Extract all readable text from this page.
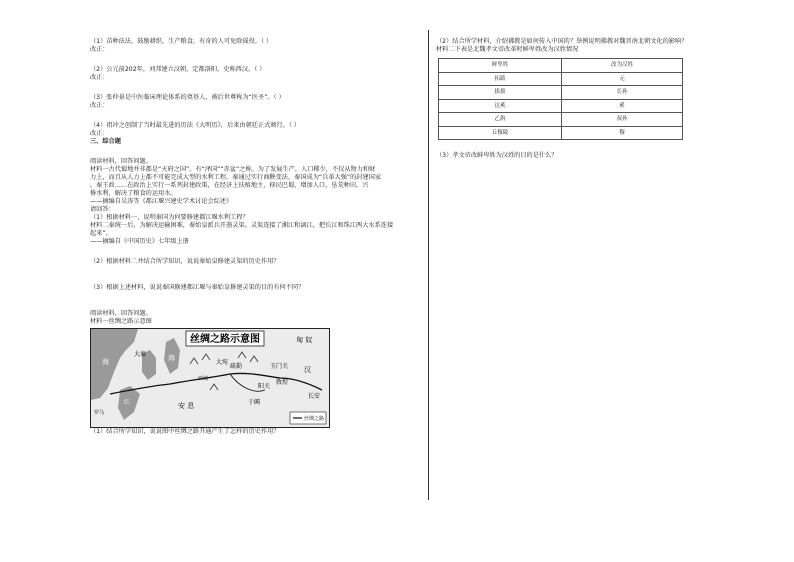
（1）苗种法法，鼓励耕织，生产粮食，有奇的人可免除徭役。（ ）
改正：
（2）公元前202年，刘邦建立汉朝，定都洛阳，史称西汉。（ ）
改正：
（3）张仲景是中医临床理论体系的奠基人，被后世尊称为“医圣”。（ ）
改正：
（4）祖冲之创制了当时最先进的历法《大明历》，后来由朝廷正式颁行。（ ）
改正：
三、综合题
阅读材料，回答问题。
材料一古代蜀地并非都是“天府之国”。有“泽国”“赤盆”之称。为了发展生产，人口稀少，不仅从物力和财
力上，而且从人力上都不可能完成大型的水利工程。秦通过实行商鞅变法，秦国成为“兵革大强”的封建国家
。秦王政……在政治上实行一系列封建政策，在经济上扶植地主，移民巴蜀，增加人口，垦荒种田，兴
修水利，解决了粮食的运用水。
——摘编自吴涛等《都江堰兴建史学术讨论会综述》
请回答：
（1）根据材料一，说明秦国为何要修建都江堰水利工程？
材料二秦统一后，为解决运输困难，秦始皇派兵开凿灵渠。灵渠连接了湘江和漓江，把长江和珠江两大水系连接
起来”。
——摘编自《中国历史》七年级上册
（2）根据材料二并结合所学知识，说说秦始皇修建灵渠的历史作用？
（3）根据上述材料，说说秦国修建都江堰与秦始皇修建灵渠的目的有何不同？
阅读材料，回答问题。
材料一丝绸之路示意图
丝绸之路示意图	匈 奴
汉
长安
玉门关
阳关
敦煌
大宛
安 息
大秦
于阗
疏勒
罗马
海	海
红
西域
丝绸之路
（1）结合所学知识，说说图中丝绸之路开通产生了怎样的历史作用？
（2）结合所学材料，介绍佛教是如何传入中国的？举例说明佛教对魏晋南北朝文化的影响？
材料二下表是北魏孝文帝改革时鲜卑姓改为汉姓情况
鲜卑姓	改为汉姓
拓跋	元
拔拔	长孙
达奚	奚
乙旃	叔孙
丘穆陵	穆
（3）孝文帝改鲜卑姓为汉姓的目的是什么？
